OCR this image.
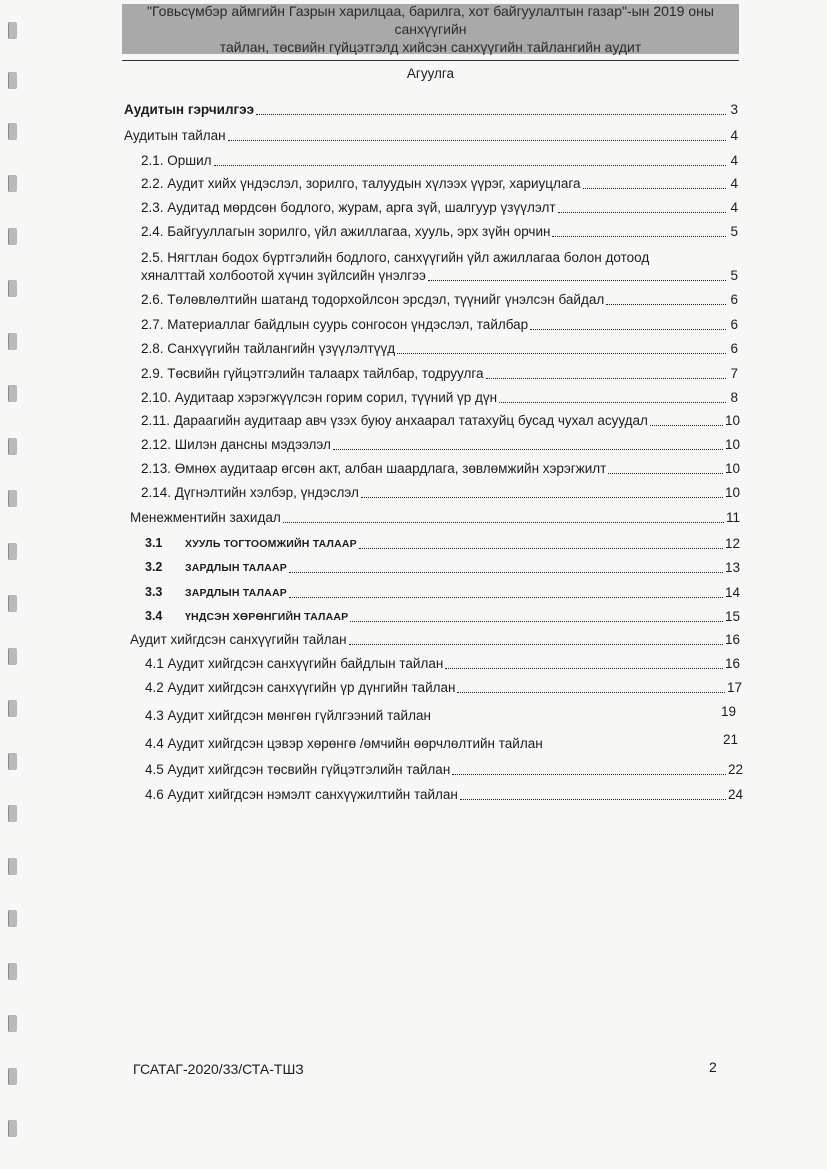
"Говьсүмбэр аймгийн Газрын харилцаа, барилга, хот байгуулалтын газар"-ын 2019 оны санхүүгийн
тайлан, төсвийн гүйцэтгэлд хийсэн санхүүгийн тайлангийн аудит
Агуулга
Аудитын гэрчилгээ	3
Аудитын тайлан	4
2.1. Оршил	4
2.2. Аудит хийх үндэслэл, зорилго, талуудын хүлээх үүрэг, хариуцлага	4
2.3. Аудитад мөрдсөн бодлого, журам, арга зүй, шалгуур үзүүлэлт	4
2.4. Байгууллагын зорилго, үйл ажиллагаа, хууль, эрх зүйн орчин	5
2.5. Нягтлан бодох бүртгэлийн бодлого, санхүүгийн үйл ажиллагаа болон дотоод
хяналттай холбоотой хүчин зүйлсийн үнэлгээ	5
2.6. Төлөвлөлтийн шатанд тодорхойлсон эрсдэл, түүнийг үнэлсэн байдал	6
2.7. Материаллаг байдлын суурь сонгосон үндэслэл, тайлбар	6
2.8. Санхүүгийн тайлангийн үзүүлэлтүүд	6
2.9. Төсвийн гүйцэтгэлийн талаарх тайлбар, тодруулга	7
2.10. Аудитаар хэрэгжүүлсэн горим сорил, түүний үр дүн	8
2.11. Дараагийн аудитаар авч үзэх буюу анхаарал татахуйц бусад чухал асуудал	10
2.12. Шилэн дансны мэдээлэл	10
2.13. Өмнөх аудитаар өгсөн акт, албан шаардлага, зөвлөмжийн хэрэгжилт	10
2.14. Дүгнэлтийн хэлбэр, үндэслэл	10
Менежментийн захидал	11
3.1 ХУУЛЬ ТОГТООМЖИЙН ТАЛААР	12
3.2 ЗАРДЛЫН ТАЛААР	13
3.3 ЗАРДЛЫН ТАЛААР	14
3.4 ҮНДСЭН ХӨРӨНГИЙН ТАЛААР	15
Аудит хийгдсэн санхүүгийн тайлан	16
4.1 Аудит хийгдсэн санхүүгийн байдлын тайлан	16
4.2 Аудит хийгдсэн санхүүгийн үр дүнгийн тайлан	17
4.3 Аудит хийгдсэн мөнгөн гүйлгээний тайлан	19
4.4 Аудит хийгдсэн цэвэр хөрөнгө /өмчийн өөрчлөлтийн тайлан	21
4.5 Аудит хийгдсэн төсвийн гүйцэтгэлийн тайлан	22
4.6 Аудит хийгдсэн нэмэлт санхүүжилтийн тайлан	24
ГСАТАГ-2020/33/СТА-ТШЗ	2
